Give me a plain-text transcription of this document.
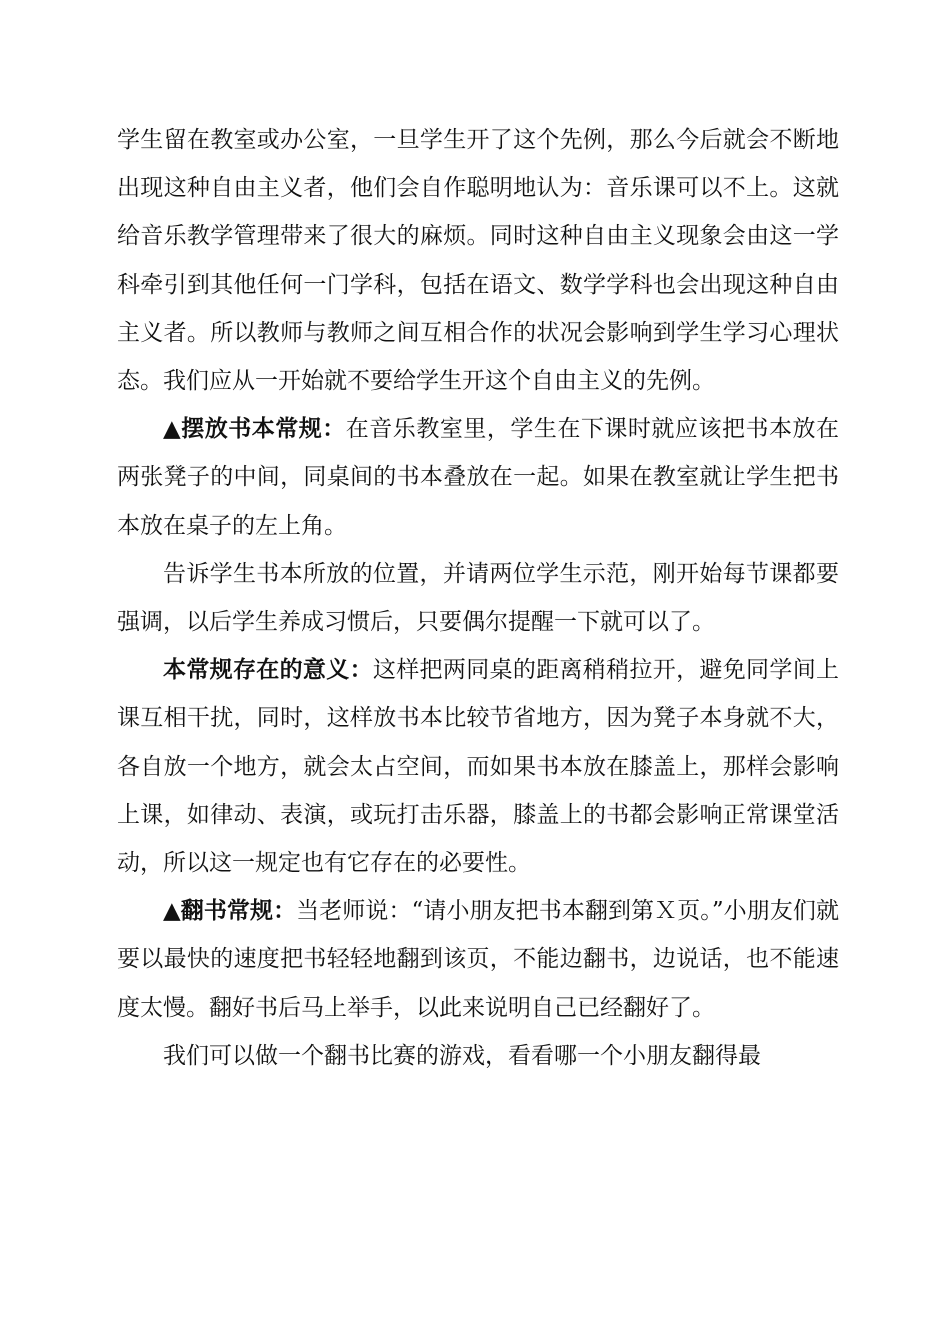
学生留在教室或办公室，一旦学生开了这个先例，那么今后就会不断地出现这种自由主义者，他们会自作聪明地认为：音乐课可以不上。这就给音乐教学管理带来了很大的麻烦。同时这种自由主义现象会由这一学科牵引到其他任何一门学科，包括在语文、数学学科也会出现这种自由主义者。所以教师与教师之间互相合作的状况会影响到学生学习心理状态。我们应从一开始就不要给学生开这个自由主义的先例。

▲摆放书本常规：在音乐教室里，学生在下课时就应该把书本放在两张凳子的中间，同桌间的书本叠放在一起。如果在教室就让学生把书本放在桌子的左上角。

告诉学生书本所放的位置，并请两位学生示范，刚开始每节课都要强调，以后学生养成习惯后，只要偶尔提醒一下就可以了。

本常规存在的意义：这样把两同桌的距离稍稍拉开，避免同学间上课互相干扰，同时，这样放书本比较节省地方，因为凳子本身就不大，各自放一个地方，就会太占空间，而如果书本放在膝盖上，那样会影响上课，如律动、表演，或玩打击乐器，膝盖上的书都会影响正常课堂活动，所以这一规定也有它存在的必要性。

▲翻书常规：当老师说：“请小朋友把书本翻到第Ｘ页。”小朋友们就要以最快的速度把书轻轻地翻到该页，不能边翻书，边说话，也不能速度太慢。翻好书后马上举手，以此来说明自己已经翻好了。

我们可以做一个翻书比赛的游戏，看看哪一个小朋友翻得最
